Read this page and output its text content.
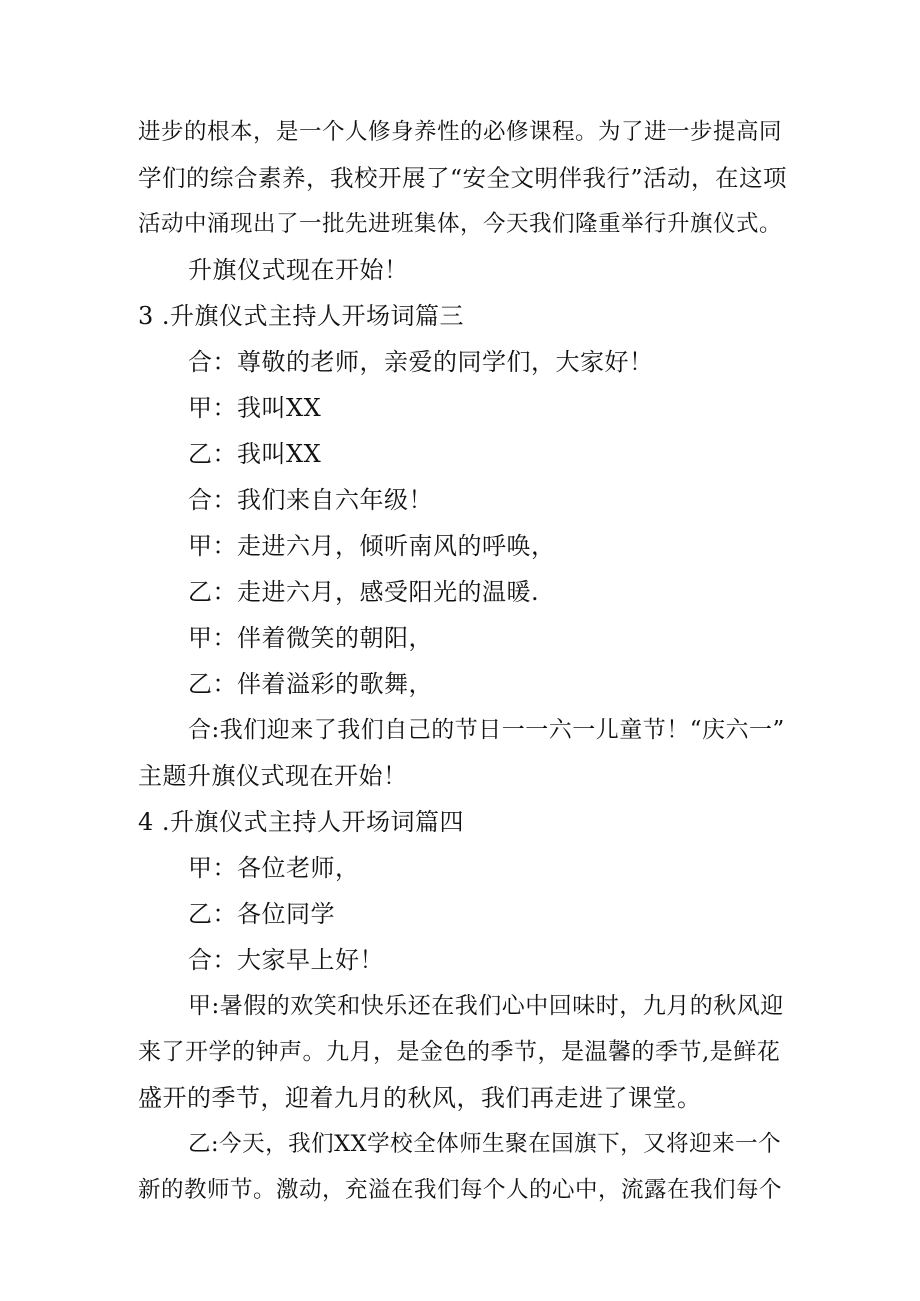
进步的根本，是一个人修身养性的必修课程。为了进一步提高同
学们的综合素养，我校开展了“安全文明伴我行”活动，在这项
活动中涌现出了一批先进班集体，今天我们隆重举行升旗仪式。
升旗仪式现在开始！
3 .升旗仪式主持人开场词篇三
合：尊敬的老师，亲爱的同学们，大家好！
甲：我叫XX
乙：我叫XX
合：我们来自六年级！
甲：走进六月，倾听南风的呼唤，
乙：走进六月，感受阳光的温暖.
甲：伴着微笑的朝阳，
乙：伴着溢彩的歌舞，
合:我们迎来了我们自己的节日一一六一儿童节！“庆六一”
主题升旗仪式现在开始！
4 .升旗仪式主持人开场词篇四
甲：各位老师，
乙：各位同学
合：大家早上好！
甲:暑假的欢笑和快乐还在我们心中回味时，九月的秋风迎
来了开学的钟声。九月，是金色的季节，是温馨的季节,是鲜花
盛开的季节，迎着九月的秋风，我们再走进了课堂。
乙:今天，我们XX学校全体师生聚在国旗下，又将迎来一个
新的教师节。激动，充溢在我们每个人的心中，流露在我们每个
